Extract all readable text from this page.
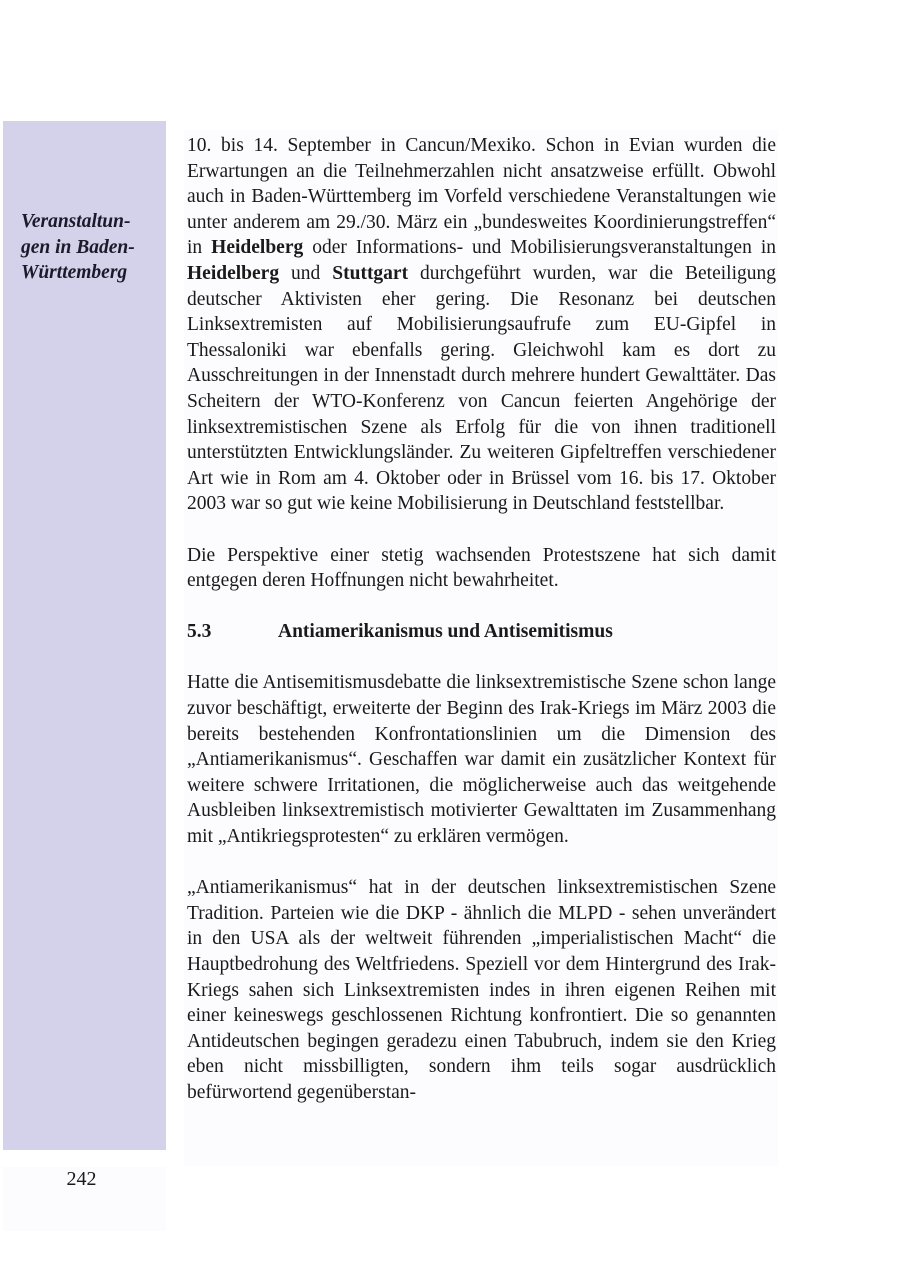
Veranstaltun-
gen in Baden-
Württemberg
242

10. bis 14. September in Cancun/Mexiko. Schon in Evian wurden die Erwartungen an die Teilnehmerzahlen nicht ansatzweise erfüllt. Obwohl auch in Baden-Württemberg im Vorfeld verschiedene Veranstaltungen wie unter anderem am 29./30. März ein „bundesweites Koordinierungstreffen“ in Heidelberg oder Informations- und Mobilisierungsveranstaltungen in Heidelberg und Stuttgart durchgeführt wurden, war die Beteiligung deutscher Aktivisten eher gering. Die Resonanz bei deutschen Linksextremisten auf Mobilisierungsaufrufe zum EU-Gipfel in Thessaloniki war ebenfalls gering. Gleichwohl kam es dort zu Ausschreitungen in der Innenstadt durch mehrere hundert Gewalttäter. Das Scheitern der WTO-Konferenz von Cancun feierten Angehörige der linksextremistischen Szene als Erfolg für die von ihnen traditionell unterstützten Entwicklungsländer. Zu weiteren Gipfeltreffen verschiedener Art wie in Rom am 4. Oktober oder in Brüssel vom 16. bis 17. Oktober 2003 war so gut wie keine Mobilisierung in Deutschland feststellbar.

Die Perspektive einer stetig wachsenden Protestszene hat sich damit entgegen deren Hoffnungen nicht bewahrheitet.

5.3	Antiamerikanismus und Antisemitismus

Hatte die Antisemitismusdebatte die linksextremistische Szene schon lange zuvor beschäftigt, erweiterte der Beginn des Irak-Kriegs im März 2003 die bereits bestehenden Konfrontationslinien um die Dimension des „Antiamerikanismus“. Geschaffen war damit ein zusätzlicher Kontext für weitere schwere Irritationen, die möglicherweise auch das weitgehende Ausbleiben linksextremistisch motivierter Gewalttaten im Zusammenhang mit „Antikriegsprotesten“ zu erklären vermögen.

„Antiamerikanismus“ hat in der deutschen linksextremistischen Szene Tradition. Parteien wie die DKP - ähnlich die MLPD - sehen unverändert in den USA als der weltweit führenden „imperialistischen Macht“ die Hauptbedrohung des Weltfriedens. Speziell vor dem Hintergrund des Irak-Kriegs sahen sich Linksextremisten indes in ihren eigenen Reihen mit einer keineswegs geschlossenen Richtung konfrontiert. Die so genannten Antideutschen begingen geradezu einen Tabubruch, indem sie den Krieg eben nicht missbilligten, sondern ihm teils sogar ausdrücklich befürwortend gegenüberstan-
